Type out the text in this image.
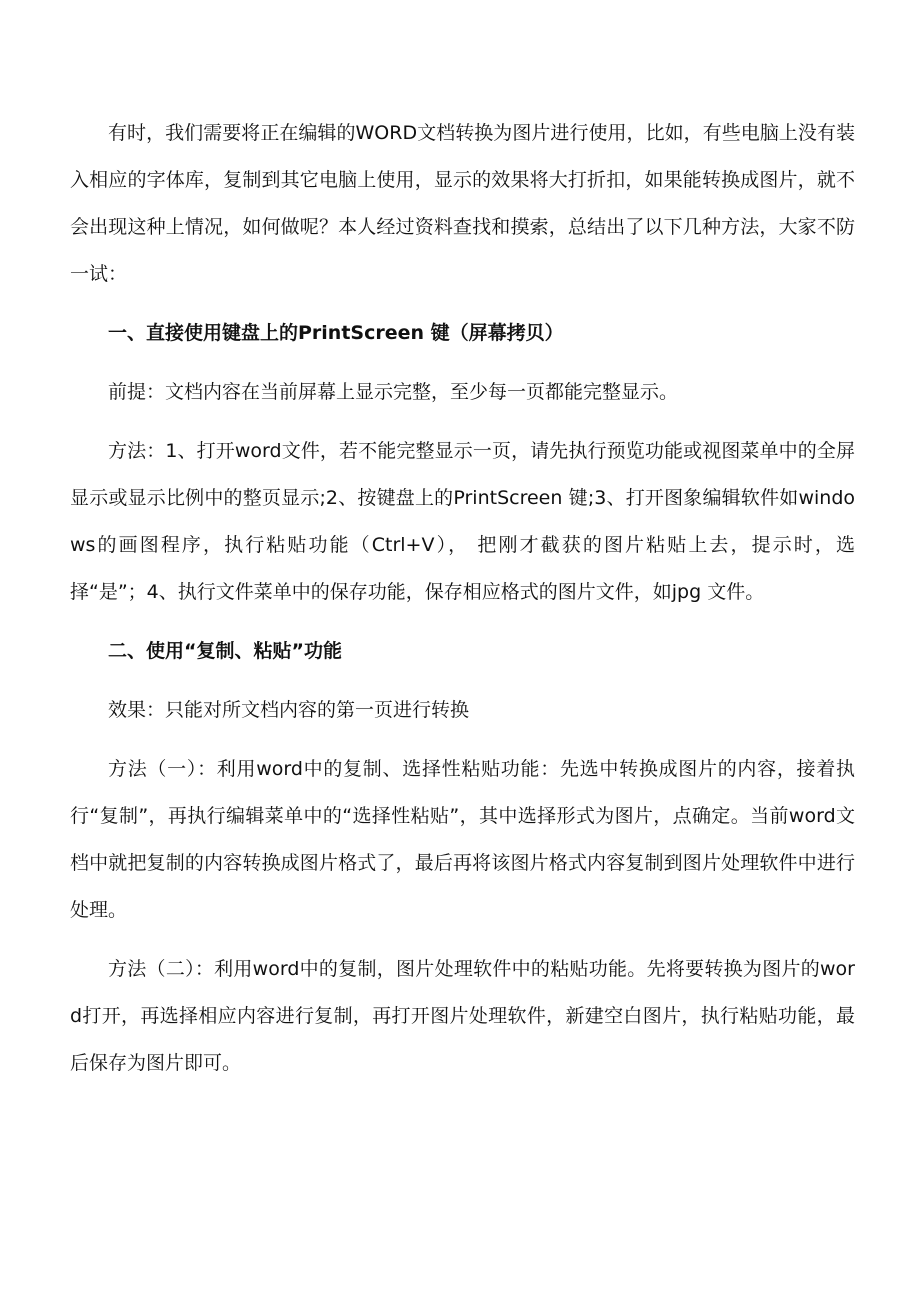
有时，我们需要将正在编辑的WORD文档转换为图片进行使用，比如，有些电脑上没有装入相应的字体库，复制到其它电脑上使用，显示的效果将大打折扣，如果能转换成图片，就不会出现这种上情况，如何做呢？本人经过资料查找和摸索，总结出了以下几种方法，大家不防一试：

一、直接使用键盘上的PrintScreen 键（屏幕拷贝）

前提：文档内容在当前屏幕上显示完整，至少每一页都能完整显示。

方法：1、打开word文件，若不能完整显示一页，请先执行预览功能或视图菜单中的全屏显示或显示比例中的整页显示;2、按键盘上的PrintScreen 键;3、打开图象编辑软件如windows的画图程序，执行粘贴功能（Ctrl+V）， 把刚才截获的图片粘贴上去，提示时，选择“是”；4、执行文件菜单中的保存功能，保存相应格式的图片文件，如jpg 文件。

二、使用“复制、粘贴”功能

效果：只能对所文档内容的第一页进行转换

方法（一）：利用word中的复制、选择性粘贴功能：先选中转换成图片的内容，接着执行“复制”，再执行编辑菜单中的“选择性粘贴”，其中选择形式为图片，点确定。当前word文档中就把复制的内容转换成图片格式了，最后再将该图片格式内容复制到图片处理软件中进行处理。

方法（二）：利用word中的复制，图片处理软件中的粘贴功能。先将要转换为图片的word打开，再选择相应内容进行复制，再打开图片处理软件，新建空白图片，执行粘贴功能，最后保存为图片即可。
